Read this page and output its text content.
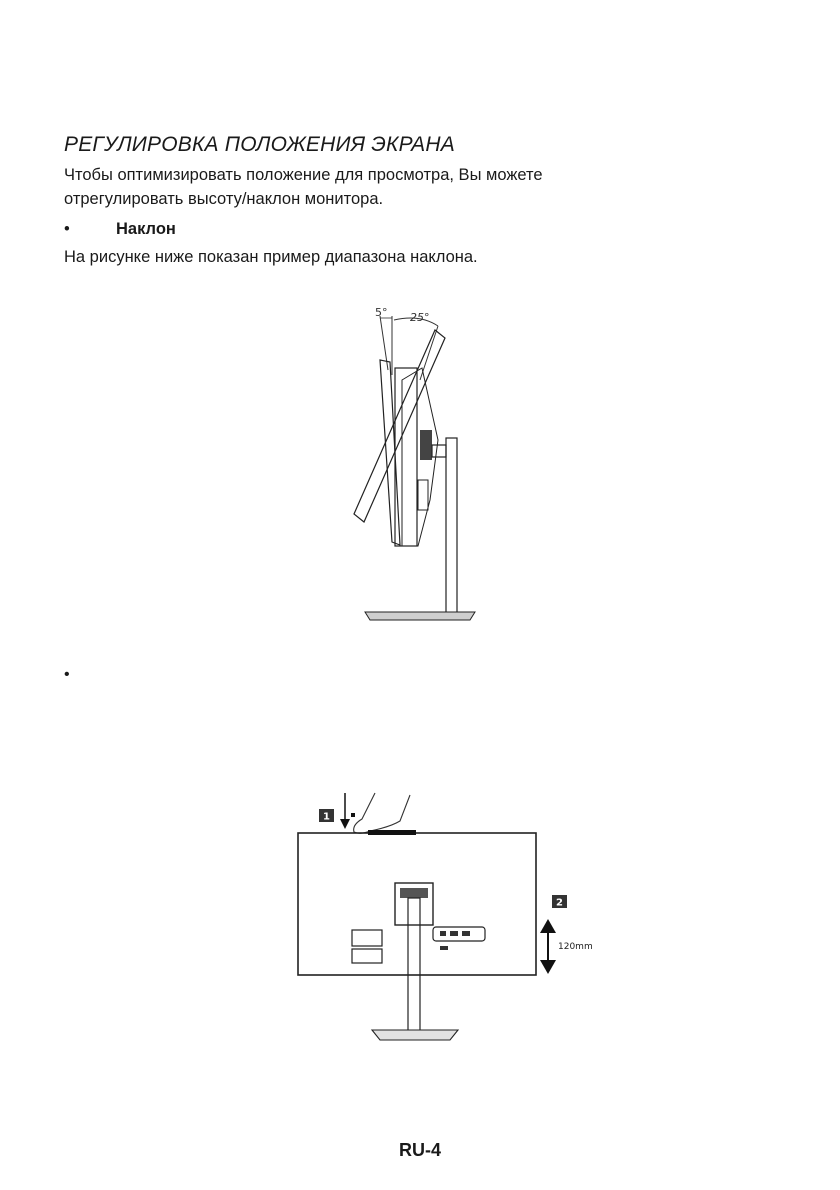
РЕГУЛИРОВКА ПОЛОЖЕНИЯ ЭКРАНА
Чтобы оптимизировать положение для просмотра, Вы можете
отрегулировать высоту/наклон монитора.
•	Наклон
На рисунке ниже показан пример диапазона наклона.
5° 25°
•
1
2
120mm
RU-4
